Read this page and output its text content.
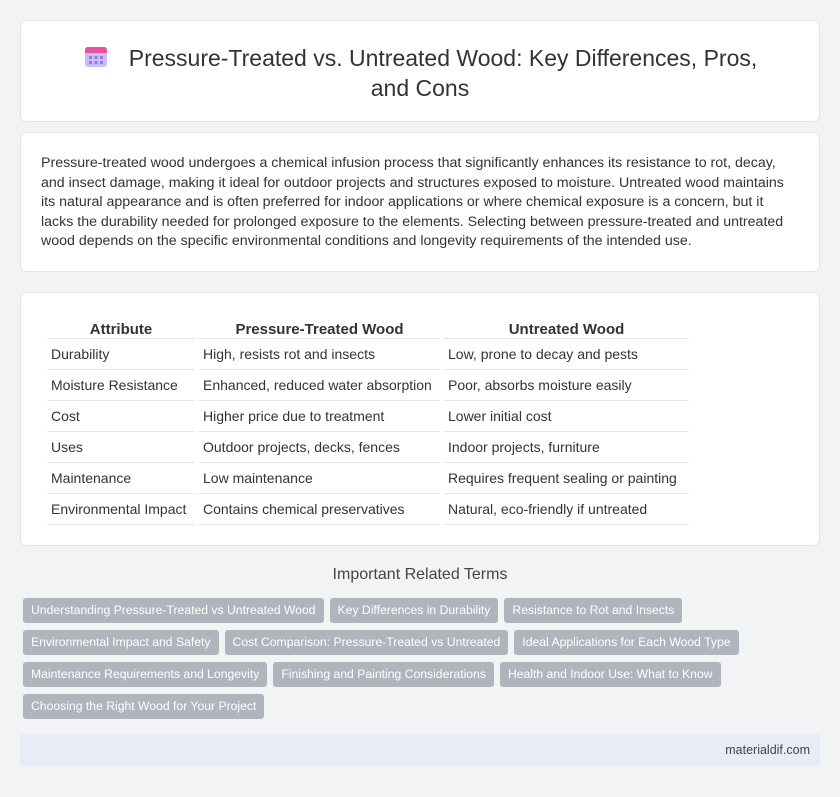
Pressure-Treated vs. Untreated Wood: Key Differences, Pros, and Cons

Pressure-treated wood undergoes a chemical infusion process that significantly enhances its resistance to rot, decay, and insect damage, making it ideal for outdoor projects and structures exposed to moisture. Untreated wood maintains its natural appearance and is often preferred for indoor applications or where chemical exposure is a concern, but it lacks the durability needed for prolonged exposure to the elements. Selecting between pressure-treated and untreated wood depends on the specific environmental conditions and longevity requirements of the intended use.

Attribute	Pressure-Treated Wood	Untreated Wood
Durability	High, resists rot and insects	Low, prone to decay and pests
Moisture Resistance	Enhanced, reduced water absorption	Poor, absorbs moisture easily
Cost	Higher price due to treatment	Lower initial cost
Uses	Outdoor projects, decks, fences	Indoor projects, furniture
Maintenance	Low maintenance	Requires frequent sealing or painting
Environmental Impact	Contains chemical preservatives	Natural, eco-friendly if untreated
Important Related Terms
Understanding Pressure-Treated vs Untreated Wood Key Differences in Durability Resistance to Rot and Insects
Environmental Impact and Safety Cost Comparison: Pressure-Treated vs Untreated Ideal Applications for Each Wood Type
Maintenance Requirements and Longevity Finishing and Painting Considerations Health and Indoor Use: What to Know
Choosing the Right Wood for Your Project
materialdif.com
